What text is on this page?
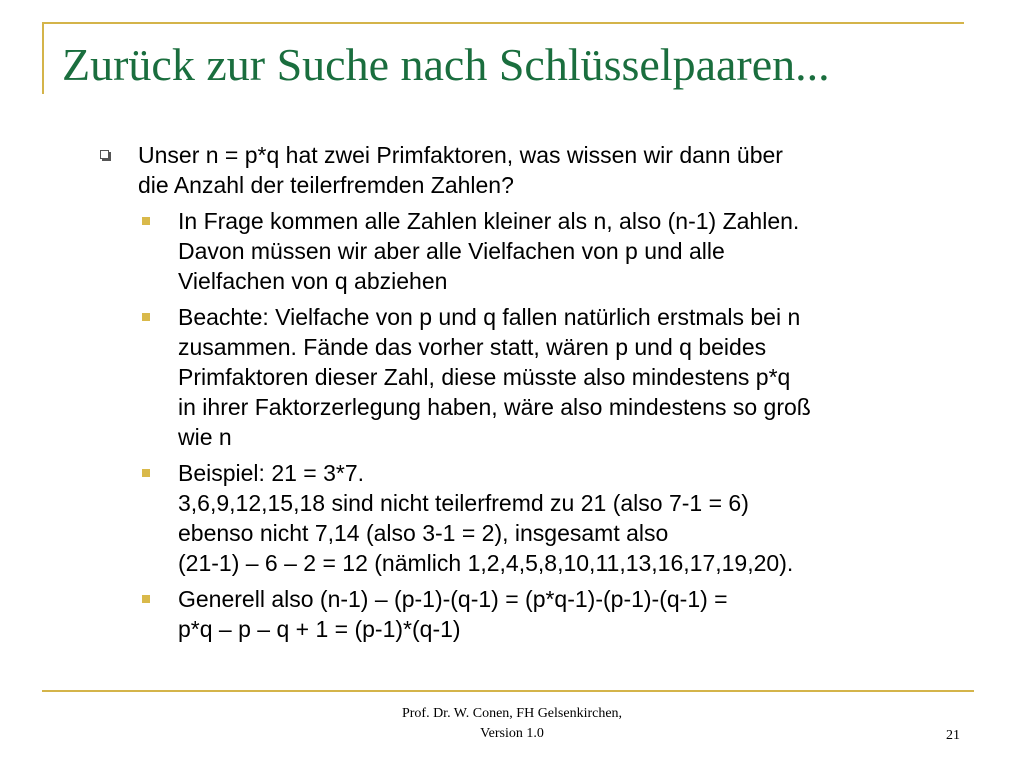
Zurück zur Suche nach Schlüsselpaaren...
Unser n = p*q hat zwei Primfaktoren, was wissen wir dann über
die Anzahl der teilerfremden Zahlen?
In Frage kommen alle Zahlen kleiner als n, also (n-1) Zahlen.
Davon müssen wir aber alle Vielfachen von p und alle
Vielfachen von q abziehen
Beachte: Vielfache von p und q fallen natürlich erstmals bei n
zusammen. Fände das vorher statt, wären p und q beides
Primfaktoren dieser Zahl, diese müsste also mindestens p*q
in ihrer Faktorzerlegung haben, wäre also mindestens so groß
wie n
Beispiel: 21 = 3*7.
3,6,9,12,15,18 sind nicht teilerfremd zu 21 (also 7-1 = 6)
ebenso nicht 7,14 (also 3-1 = 2), insgesamt also
(21-1) – 6 – 2 = 12 (nämlich 1,2,4,5,8,10,11,13,16,17,19,20).
Generell also (n-1) – (p-1)-(q-1) = (p*q-1)-(p-1)-(q-1) =
p*q – p – q + 1 = (p-1)*(q-1)
Prof. Dr. W. Conen, FH Gelsenkirchen,
Version 1.0	21
